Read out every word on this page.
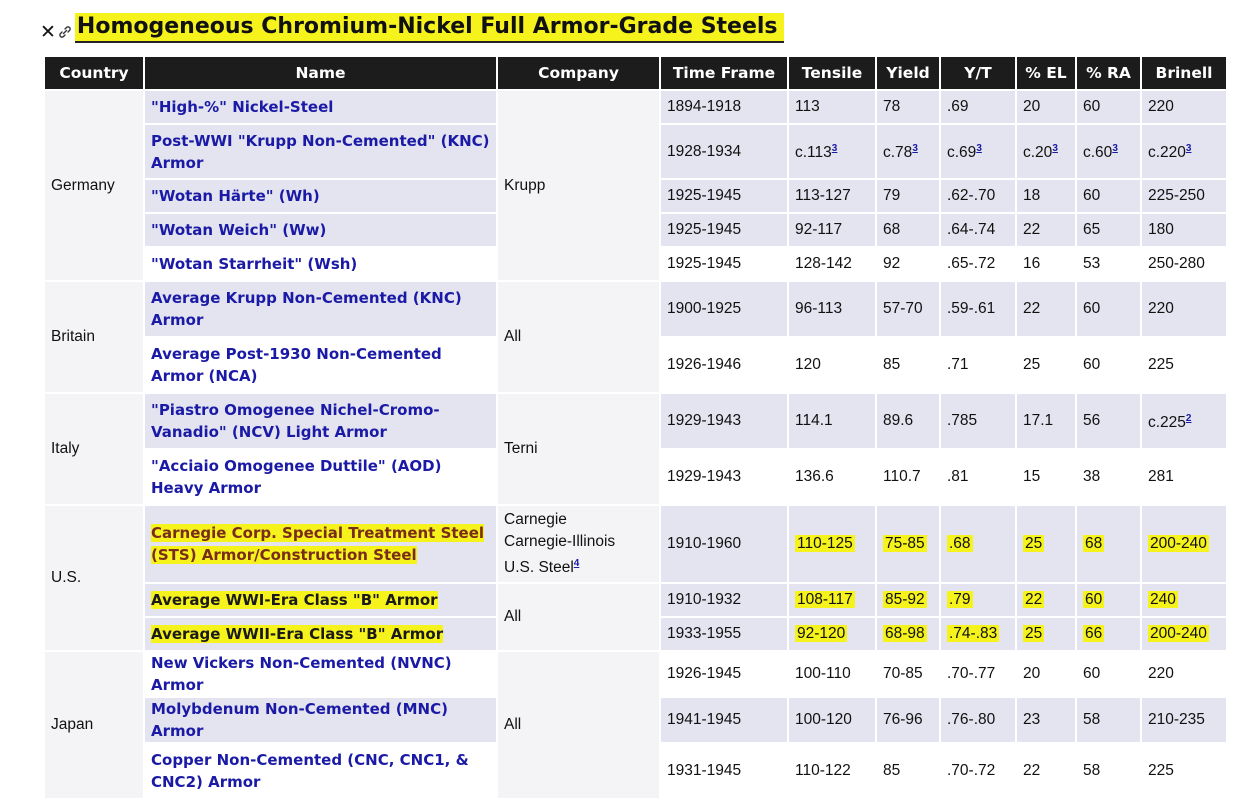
✕ Homogeneous Chromium-Nickel Full Armor-Grade Steels
Country	Name	Company	Time Frame	Tensile	Yield	Y/T	% EL	% RA	Brinell
Germany	"High-%" Nickel-Steel	Krupp	1894-1918	113	78	.69	20	60	220
	Post-WWI "Krupp Non-Cemented" (KNC) Armor		1928-1934	c.113$^3$	$c.78^3$	$c.69^3$	$c.20^3$	$c.60^3$	c.220$^3$
	"Wotan Härte" (Wh)		1925-1945	113-127	79	.62-.70	18	60	225-250
	"Wotan Weich" (Ww)		1925-1945	92-117	68	.64-.74	22	65	180
	"Wotan Starrheit" (Wsh)		1925-1945	128-142	92	.65-.72	16	53	250-280
Britain	Average Krupp Non-Cemented (KNC) Armor	All	1900-1925	96-113	57-70	.59-.61	22	60	220
	Average Post-1930 Non-Cemented Armor (NCA)		1926-1946	120	85	.71	25	60	225
Italy	"Piastro Omogenee Nichel-Cromo-Vanadio" (NCV) Light Armor	Terni	1929-1943	114.1	89.6	.785	17.1	56	c.225$^2$
	"Acciaio Omogenee Duttile" (AOD) Heavy Armor		1929-1943	136.6	110.7	.81	15	38	281
U.S.	Carnegie Corp. Special Treatment Steel (STS) Armor/Construction Steel	Carnegie
Carnegie-Illinois
U.S. Steel$^4$	1910-1960	110-125	75-85	.68	25	68	200-240
	Average WWI-Era Class "B" Armor	All	1910-1932	108-117	85-92	.79	22	60	240
	Average WWII-Era Class "B" Armor		1933-1955	92-120	68-98	.74-.83	25	66	200-240
Japan	New Vickers Non-Cemented (NVNC) Armor	All	1926-1945	100-110	70-85	.70-.77	20	60	220
	Molybdenum Non-Cemented (MNC) Armor		1941-1945	100-120	76-96	.76-.80	23	58	210-235
	Copper Non-Cemented (CNC, CNC1, & CNC2) Armor		1931-1945	110-122	85	.70-.72	22	58	225
